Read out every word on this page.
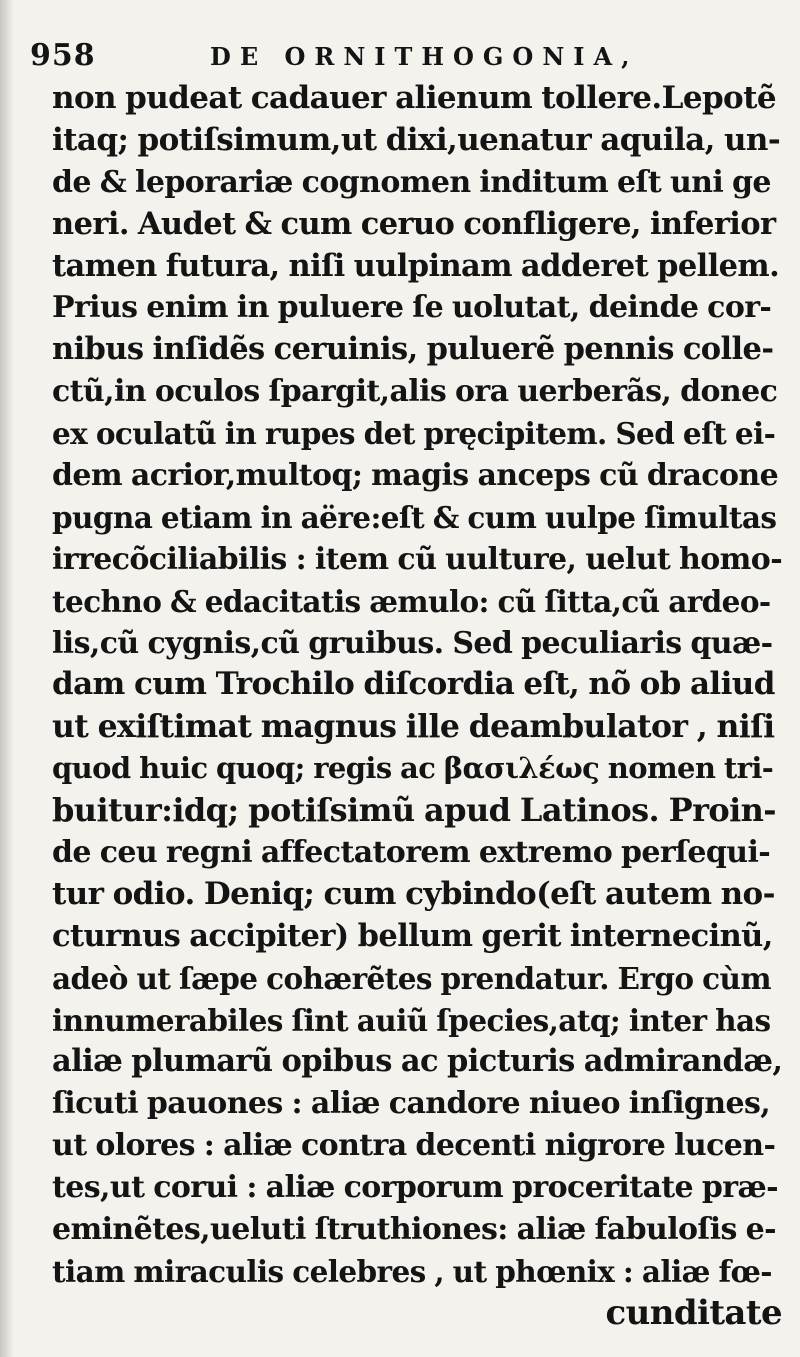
958	DE ORNITHOGONIA,
non pudeat cadauer alienum tollere.Lepotẽ
itaq; potiſsimum,ut dixi,uenatur aquila, un-
de & leporariæ cognomen inditum eſt uni ge
neri. Audet & cum ceruo confligere, inferior
tamen futura, niſi uulpinam adderet pellem.
Prius enim in puluere ſe uolutat, deinde cor-
nibus inſidẽs ceruinis, puluerẽ pennis colle-
ctũ,in oculos ſpargit,alis ora uerberãs, donec
ex oculatũ in rupes det pręcipitem. Sed eſt ei-
dem acrior,multoq; magis anceps cũ dracone
pugna etiam in aëre:eſt & cum uulpe ſimultas
irrecõciliabilis : item cũ uulture, uelut homo-
techno & edacitatis æmulo: cũ ſitta,cũ ardeo-
lis,cũ cygnis,cũ gruibus. Sed peculiaris quæ-
dam cum Trochilo diſcordia eſt, nõ ob aliud
ut exiſtimat magnus ille deambulator , niſi
quod huic quoq; regis ac βασιλέως nomen tri-
buitur:idq; potiſsimũ apud Latinos. Proin-
de ceu regni affectatorem extremo perſequi-
tur odio. Deniq; cum cybindo(eſt autem no-
cturnus accipiter) bellum gerit internecinũ,
adeò ut ſæpe cohærẽtes prendatur. Ergo cùm
innumerabiles ſint auiũ ſpecies,atq; inter has
aliæ plumarũ opibus ac picturis admirandæ,
ſicuti pauones : aliæ candore niueo inſignes,
ut olores : aliæ contra decenti nigrore lucen-
tes,ut corui : aliæ corporum proceritate præ-
eminẽtes,ueluti ſtruthiones: aliæ fabuloſis e-
tiam miraculis celebres , ut phœnix : aliæ fœ-
cunditate
